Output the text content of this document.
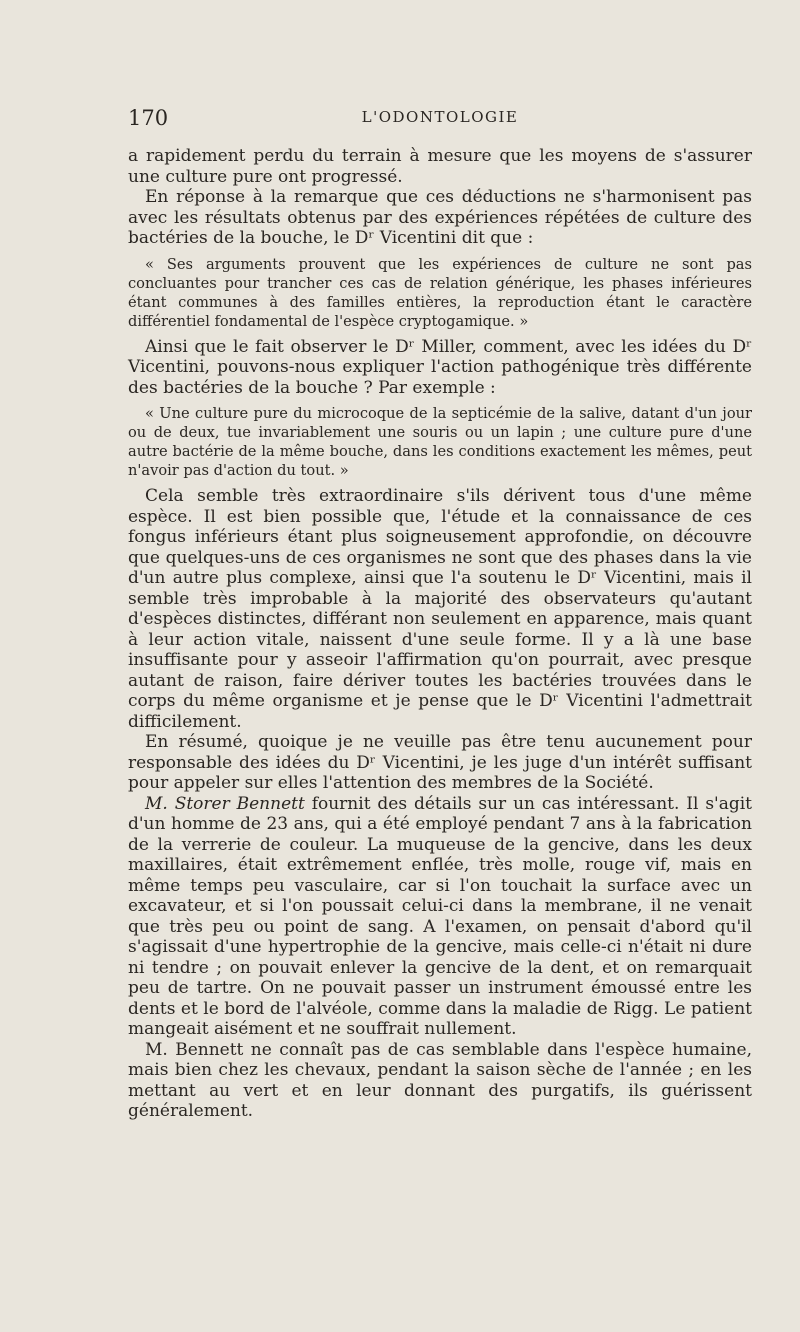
170	L'ODONTOLOGIE

a rapidement perdu du terrain à mesure que les moyens de s'assurer une culture pure ont progressé.

En réponse à la remarque que ces déductions ne s'harmonisent pas avec les résultats obtenus par des expériences répétées de culture des bactéries de la bouche, le Dʳ Vicentini dit que :

« Ses arguments prouvent que les expériences de culture ne sont pas concluantes pour trancher ces cas de relation générique, les phases inférieures étant communes à des familles entières, la reproduction étant le caractère différentiel fondamental de l'espèce cryptogamique. »

Ainsi que le fait observer le Dʳ Miller, comment, avec les idées du Dʳ Vicentini, pouvons-nous expliquer l'action pathogénique très différente des bactéries de la bouche ? Par exemple :

« Une culture pure du microcoque de la septicémie de la salive, datant d'un jour ou de deux, tue invariablement une souris ou un lapin ; une culture pure d'une autre bactérie de la même bouche, dans les conditions exactement les mêmes, peut n'avoir pas d'action du tout. »

Cela semble très extraordinaire s'ils dérivent tous d'une même espèce. Il est bien possible que, l'étude et la connaissance de ces fongus inférieurs étant plus soigneusement approfondie, on découvre que quelques-uns de ces organismes ne sont que des phases dans la vie d'un autre plus complexe, ainsi que l'a soutenu le Dʳ Vicentini, mais il semble très improbable à la majorité des observateurs qu'autant d'espèces distinctes, différant non seulement en apparence, mais quant à leur action vitale, naissent d'une seule forme. Il y a là une base insuffisante pour y asseoir l'affirmation qu'on pourrait, avec presque autant de raison, faire dériver toutes les bactéries trouvées dans le corps du même organisme et je pense que le Dʳ Vicentini l'admettrait difficilement.

En résumé, quoique je ne veuille pas être tenu aucunement pour responsable des idées du Dʳ Vicentini, je les juge d'un intérêt suffisant pour appeler sur elles l'attention des membres de la Société.

M. Storer Bennett fournit des détails sur un cas intéressant. Il s'agit d'un homme de 23 ans, qui a été employé pendant 7 ans à la fabrication de la verrerie de couleur. La muqueuse de la gencive, dans les deux maxillaires, était extrêmement enflée, très molle, rouge vif, mais en même temps peu vasculaire, car si l'on touchait la surface avec un excavateur, et si l'on poussait celui-ci dans la membrane, il ne venait que très peu ou point de sang. A l'examen, on pensait d'abord qu'il s'agissait d'une hypertrophie de la gencive, mais celle-ci n'était ni dure ni tendre ; on pouvait enlever la gencive de la dent, et on remarquait peu de tartre. On ne pouvait passer un instrument émoussé entre les dents et le bord de l'alvéole, comme dans la maladie de Rigg. Le patient mangeait aisément et ne souffrait nullement.

M. Bennett ne connaît pas de cas semblable dans l'espèce humaine, mais bien chez les chevaux, pendant la saison sèche de l'année ; en les mettant au vert et en leur donnant des purgatifs, ils guérissent généralement.
